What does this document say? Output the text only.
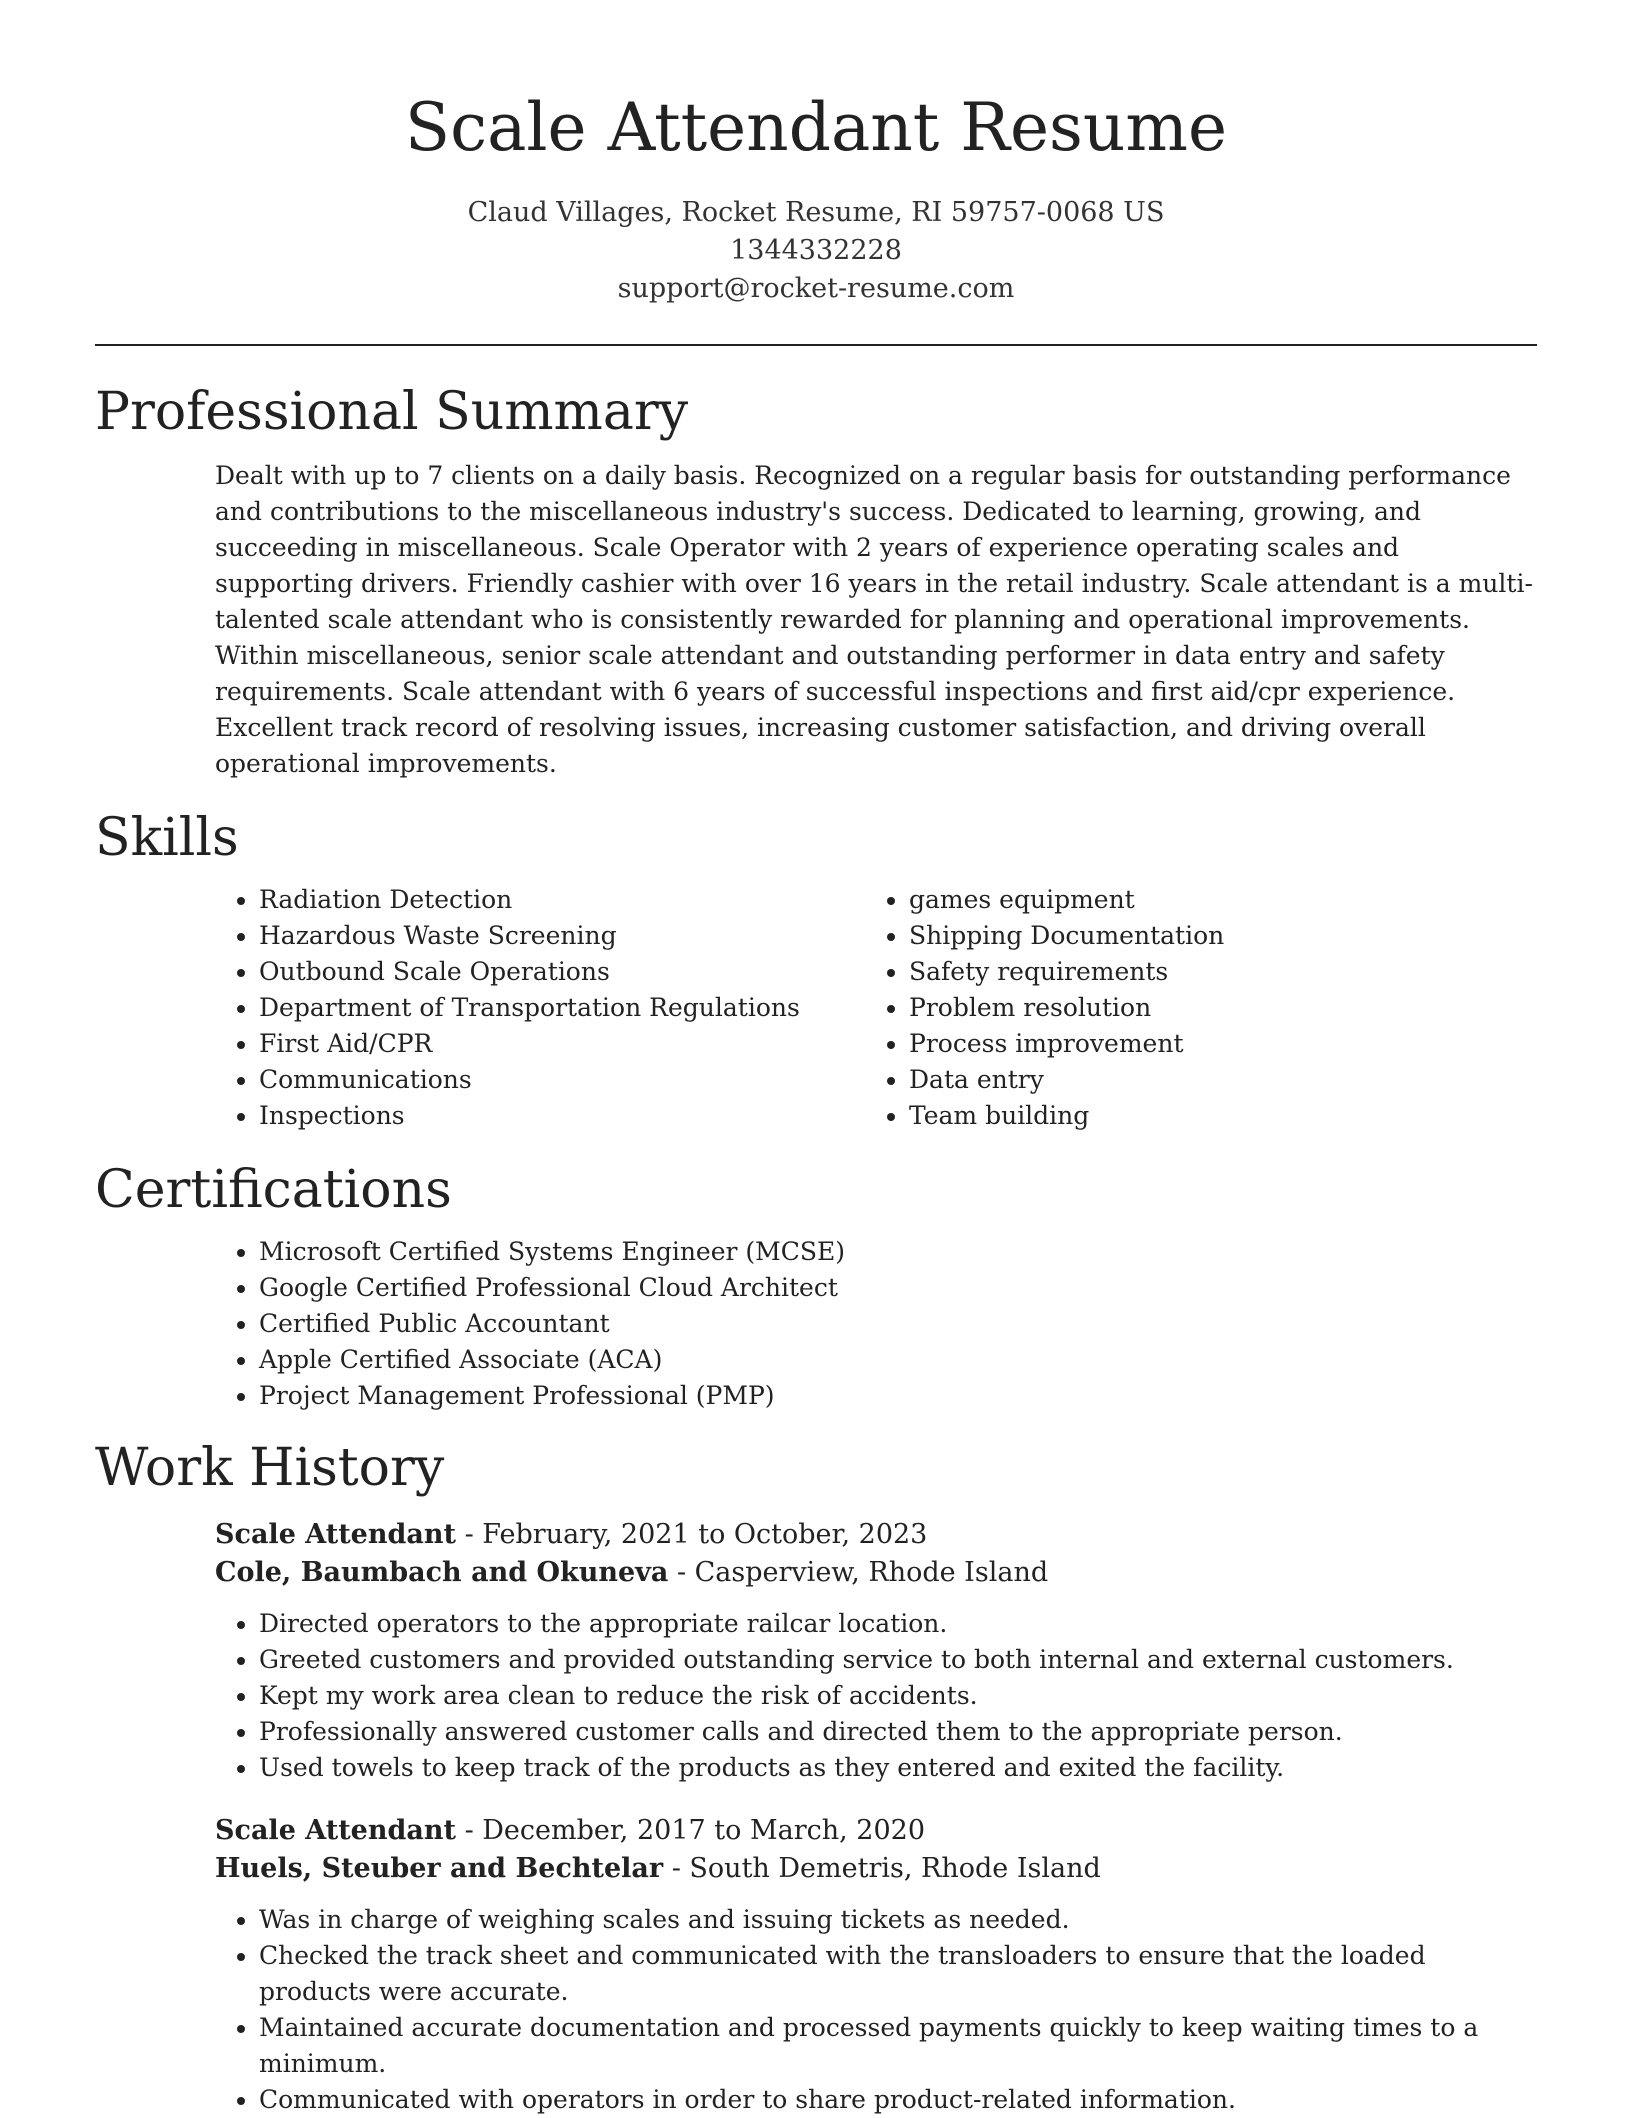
Scale Attendant Resume
Claud Villages, Rocket Resume, RI 59757-0068 US
1344332228
support@rocket-resume.com
Professional Summary

Dealt with up to 7 clients on a daily basis. Recognized on a regular basis for outstanding performance and contributions to the miscellaneous industry's success. Dedicated to learning, growing, and succeeding in miscellaneous. Scale Operator with 2 years of experience operating scales and supporting drivers. Friendly cashier with over 16 years in the retail industry. Scale attendant is a multi-talented scale attendant who is consistently rewarded for planning and operational improvements. Within miscellaneous, senior scale attendant and outstanding performer in data entry and safety requirements. Scale attendant with 6 years of successful inspections and first aid/cpr experience. Excellent track record of resolving issues, increasing customer satisfaction, and driving overall operational improvements.

Skills
• Radiation Detection
• Hazardous Waste Screening
• Outbound Scale Operations
• Department of Transportation Regulations
• First Aid/CPR
• Communications
• Inspections
• games equipment
• Shipping Documentation
• Safety requirements
• Problem resolution
• Process improvement
• Data entry
• Team building
Certifications
• Microsoft Certified Systems Engineer (MCSE)
• Google Certified Professional Cloud Architect
• Certified Public Accountant
• Apple Certified Associate (ACA)
• Project Management Professional (PMP)
Work History
Scale Attendant - February, 2021 to October, 2023
Cole, Baumbach and Okuneva - Casperview, Rhode Island
• Directed operators to the appropriate railcar location.
• Greeted customers and provided outstanding service to both internal and external customers.
• Kept my work area clean to reduce the risk of accidents.
• Professionally answered customer calls and directed them to the appropriate person.
• Used towels to keep track of the products as they entered and exited the facility.
Scale Attendant - December, 2017 to March, 2020
Huels, Steuber and Bechtelar - South Demetris, Rhode Island
• Was in charge of weighing scales and issuing tickets as needed.
• Checked the track sheet and communicated with the transloaders to ensure that the loaded products were accurate.
• Maintained accurate documentation and processed payments quickly to keep waiting times to a minimum.
• Communicated with operators in order to share product-related information.
